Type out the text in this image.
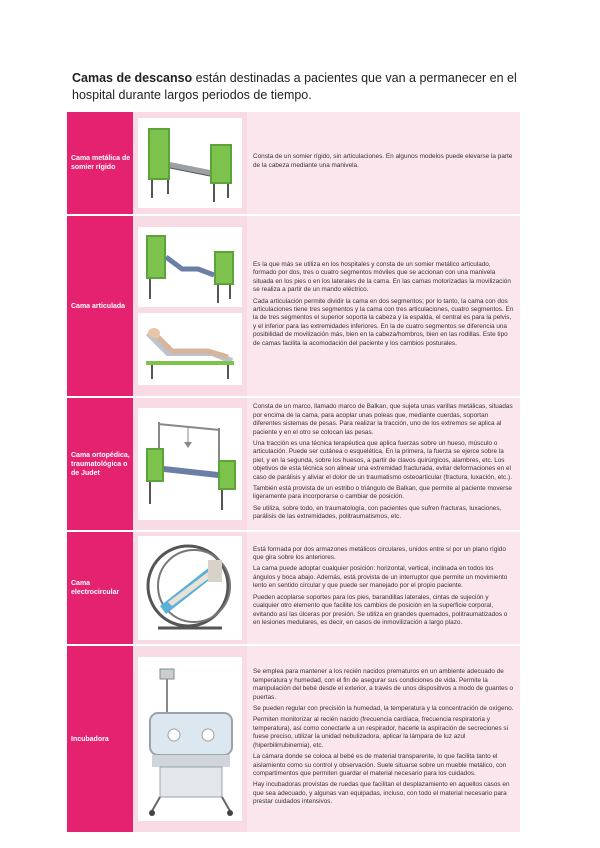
Camas de descanso están destinadas a pacientes que van a permanecer en el hospital durante largos periodos de tiempo.
Cama metálica de somier rígido

Consta de un somier rígido, sin articulaciones. En algunos modelos puede elevarse la parte de la cabeza mediante una manivela.

Cama articulada

Es la que más se utiliza en los hospitales y consta de un somier metálico articulado, formado por dos, tres o cuatro segmentos móviles que se accionan con una manivela situada en los pies o en los laterales de la cama. En las camas motorizadas la movilización se realiza a partir de un mando eléctrico.

Cada articulación permite dividir la cama en dos segmentos; por lo tanto, la cama con dos articulaciones tiene tres segmentos y la cama con tres articulaciones, cuatro segmentos. En la de tres segmentos el superior soporta la cabeza y la espalda, el central es para la pelvis, y el inferior para las extremidades inferiores. En la de cuatro segmentos se diferencia una posibilidad de movilización más, bien en la cabeza/hombros, bien en las rodillas. Este tipo de camas facilita la acomodación del paciente y los cambios posturales.

Cama ortopédica, traumatológica o de Judet

Consta de un marco, llamado marco de Balkan, que sujeta unas varillas metálicas, situadas por encima de la cama, para acoplar unas poleas que, mediante cuerdas, soportan diferentes sistemas de pesas. Para realizar la tracción, uno de los extremos se aplica al paciente y en el otro se colocan las pesas.

Una tracción es una técnica terapéutica que aplica fuerzas sobre un hueso, músculo o articulación. Puede ser cutánea o esquelética. En la primera, la fuerza se ejerce sobre la piel, y en la segunda, sobre los huesos, a partir de clavos quirúrgicos, alambres, etc. Los objetivos de esta técnica son alinear una extremidad fracturada, evitar deformaciones en el caso de parálisis y aliviar el dolor de un traumatismo osteoarticular (fractura, luxación, etc.).

También está provista de un estribo o triángulo de Balkan, que permite al paciente moverse ligeramente para incorporarse o cambiar de posición.

Se utiliza, sobre todo, en traumatología, con pacientes que sufren fracturas, luxaciones, parálisis de las extremidades, politraumatismos, etc.

Cama electrocircular

Está formada por dos armazones metálicos circulares, unidos entre sí por un plano rígido que gira sobre los anteriores.

La cama puede adoptar cualquier posición: horizontal, vertical, inclinada en todos los ángulos y boca abajo. Además, está provista de un interruptor que permite un movimiento lento en sentido circular y que puede ser manejado por el propio paciente.

Pueden acoplarse soportes para los pies, barandillas laterales, cintas de sujeción y cualquier otro elemento que facilite los cambios de posición en la superficie corporal, evitando así las úlceras por presión. Se utiliza en grandes quemados, politraumatizados o en lesiones medulares, es decir, en casos de inmovilización a largo plazo.

Incubadora

Se emplea para mantener a los recién nacidos prematuros en un ambiente adecuado de temperatura y humedad, con el fin de asegurar sus condiciones de vida. Permite la manipulación del bebé desde el exterior, a través de unos dispositivos a modo de guantes o puertas.

Se pueden regular con precisión la humedad, la temperatura y la concentración de oxígeno.

Permiten monitorizar al recién nacido (frecuencia cardíaca, frecuencia respiratoria y temperatura), así como conectarle a un respirador, hacerle la aspiración de secreciones si fuese preciso, utilizar la unidad nebulizadora, aplicar la lámpara de luz azul (hiperbilirrubinemia), etc.

La cámara donde se coloca al bebé es de material transparente, lo que facilita tanto el aislamiento como su control y observación. Suele situarse sobre un mueble metálico, con compartimentos que permiten guardar el material necesario para los cuidados.

Hay incubadoras provistas de ruedas que facilitan el desplazamiento en aquellos casos en que sea adecuado, y algunas van equipadas, incluso, con todo el material necesario para prestar cuidados intensivos.
